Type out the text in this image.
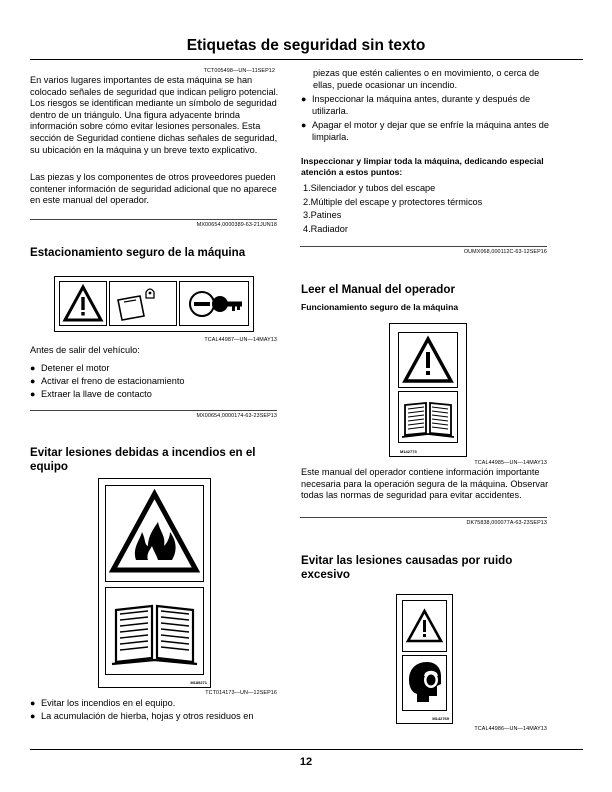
Etiquetas de seguridad sin texto
TCT005498—UN—11SEP12

En varios lugares importantes de esta máquina se han colocado señales de seguridad que indican peligro potencial. Los riesgos se identifican mediante un símbolo de seguridad dentro de un triángulo. Una figura adyacente brinda información sobre cómo evitar lesiones personales. Esta sección de Seguridad contiene dichas señales de seguridad, su ubicación en la máquina y un breve texto explicativo.

Las piezas y los componentes de otros proveedores pueden contener información de seguridad adicional que no aparece en este manual del operador.

MX00654,0000389-63-21JUN18
Estacionamiento seguro de la máquina
TCAL44987—UN—14MAY13

Antes de salir del vehículo:

● Detener el motor
● Activar el freno de estacionamiento
● Extraer la llave de contacto
MX00654,0000174-63-23SEP13
Evitar lesiones debidas a incendios en el equipo
M185271
TCT014173—UN—12SEP16
● Evitar los incendios en el equipo.
● La acumulación de hierba, hojas y otros residuos en

piezas que estén calientes o en movimiento, o cerca de ellas, puede ocasionar un incendio.

● Inspeccionar la máquina antes, durante y después de utilizarla.
● Apagar el motor y dejar que se enfríe la máquina antes de limpiarla.
Inspeccionar y limpiar toda la máquina, dedicando especial atención a estos puntos:
1.Silenciador y tubos del escape
2.Múltiple del escape y protectores térmicos
3.Patines
4.Radiador
OUMX068,000112C-63-12SEP16
Leer el Manual del operador
Funcionamiento seguro de la máquina
M142773
TCAL44985—UN—14MAY13

Este manual del operador contiene información importante necesaria para la operación segura de la máquina. Observar todas las normas de seguridad para evitar accidentes.

DK75838,000077A-63-23SEP13
Evitar las lesiones causadas por ruido excesivo
M142769
TCAL44986—UN—14MAY13
12
